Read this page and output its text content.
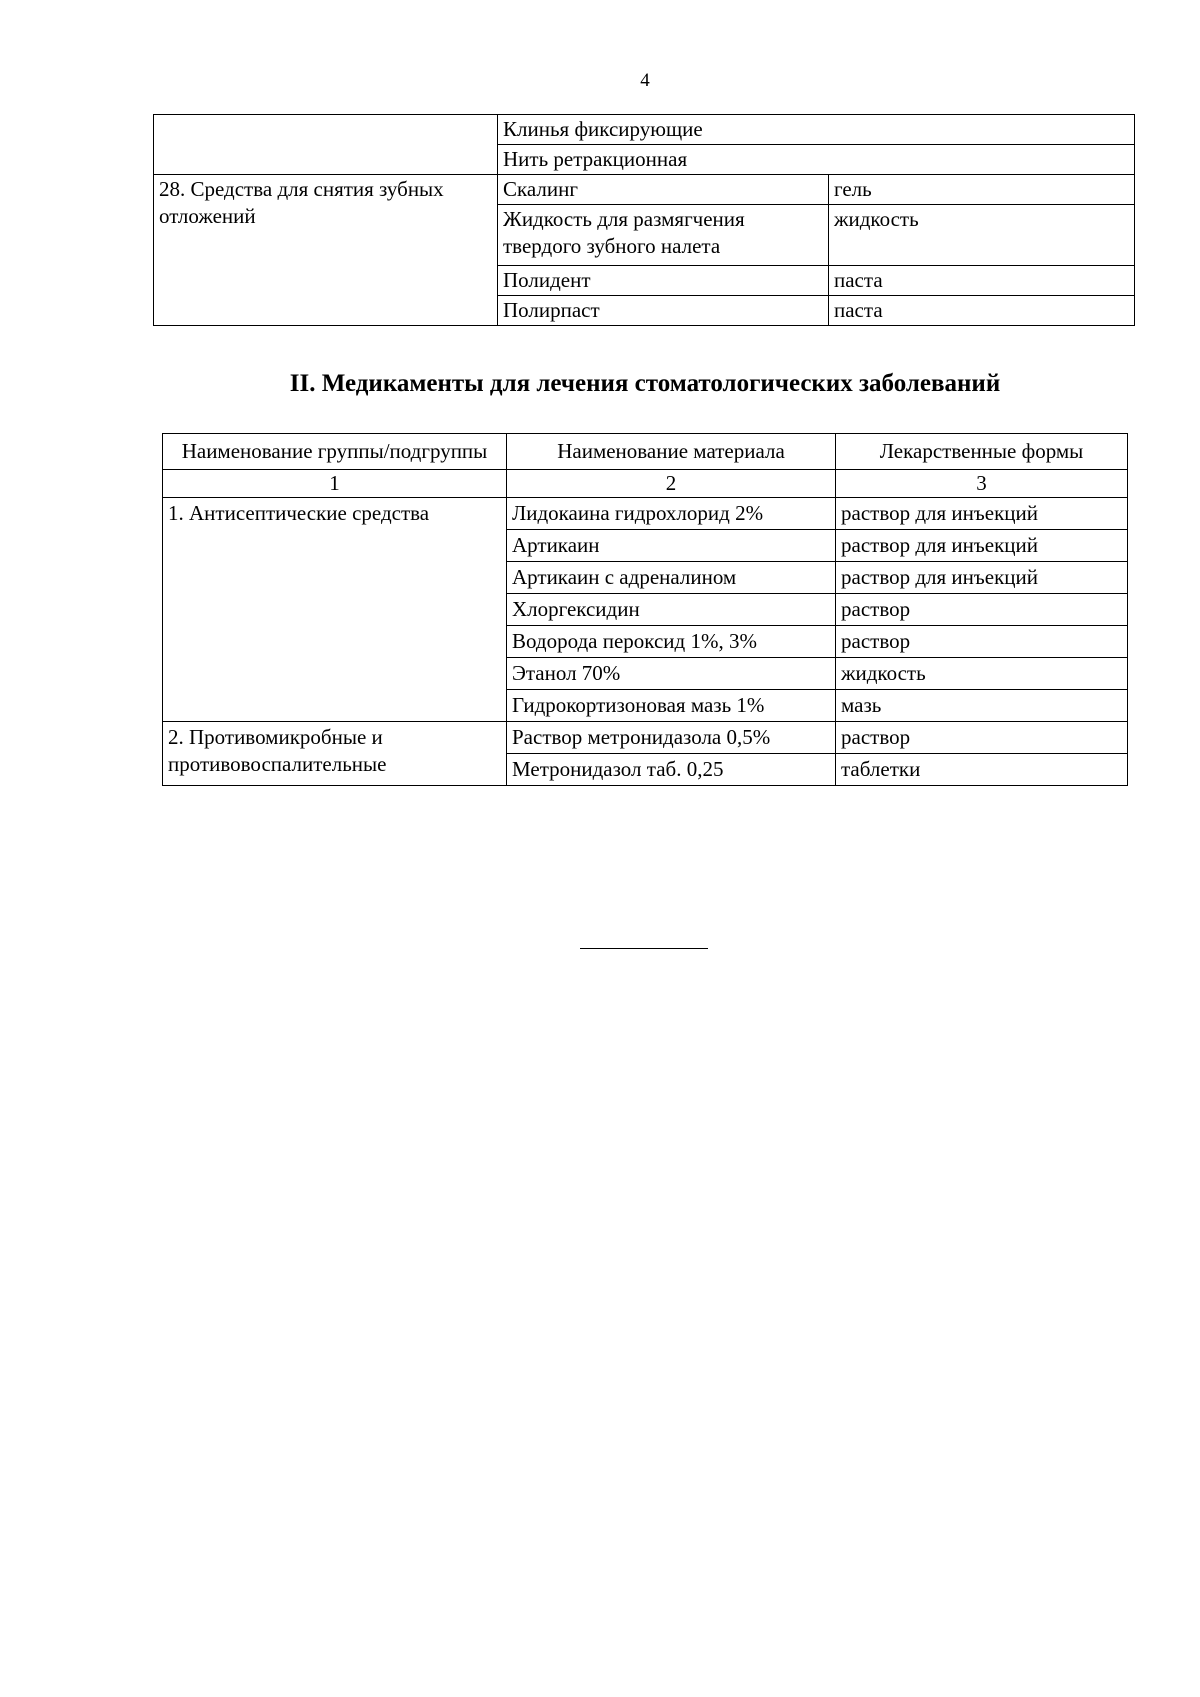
4
	Клинья фиксирующие	
	Нить ретракционная	
28. Средства для снятия зубных отложений	Скалинг	гель
	Жидкость для размягчения твердого зубного налета	жидкость
	Полидент	паста
	Полирпаст	паста
II. Медикаменты для лечения стоматологических заболеваний
Наименование группы/подгруппы	Наименование материала	Лекарственные формы
1	2	3
1. Антисептические средства	Лидокаина гидрохлорид 2%	раствор для инъекций
	Артикаин	раствор для инъекций
	Артикаин с адреналином	раствор для инъекций
	Хлоргексидин	раствор
	Водорода пероксид 1%, 3%	раствор
	Этанол 70%	жидкость
	Гидрокортизоновая мазь 1%	мазь
2. Противомикробные и противовоспалительные	Раствор метронидазола 0,5%	раствор
	Метронидазол таб. 0,25	таблетки
